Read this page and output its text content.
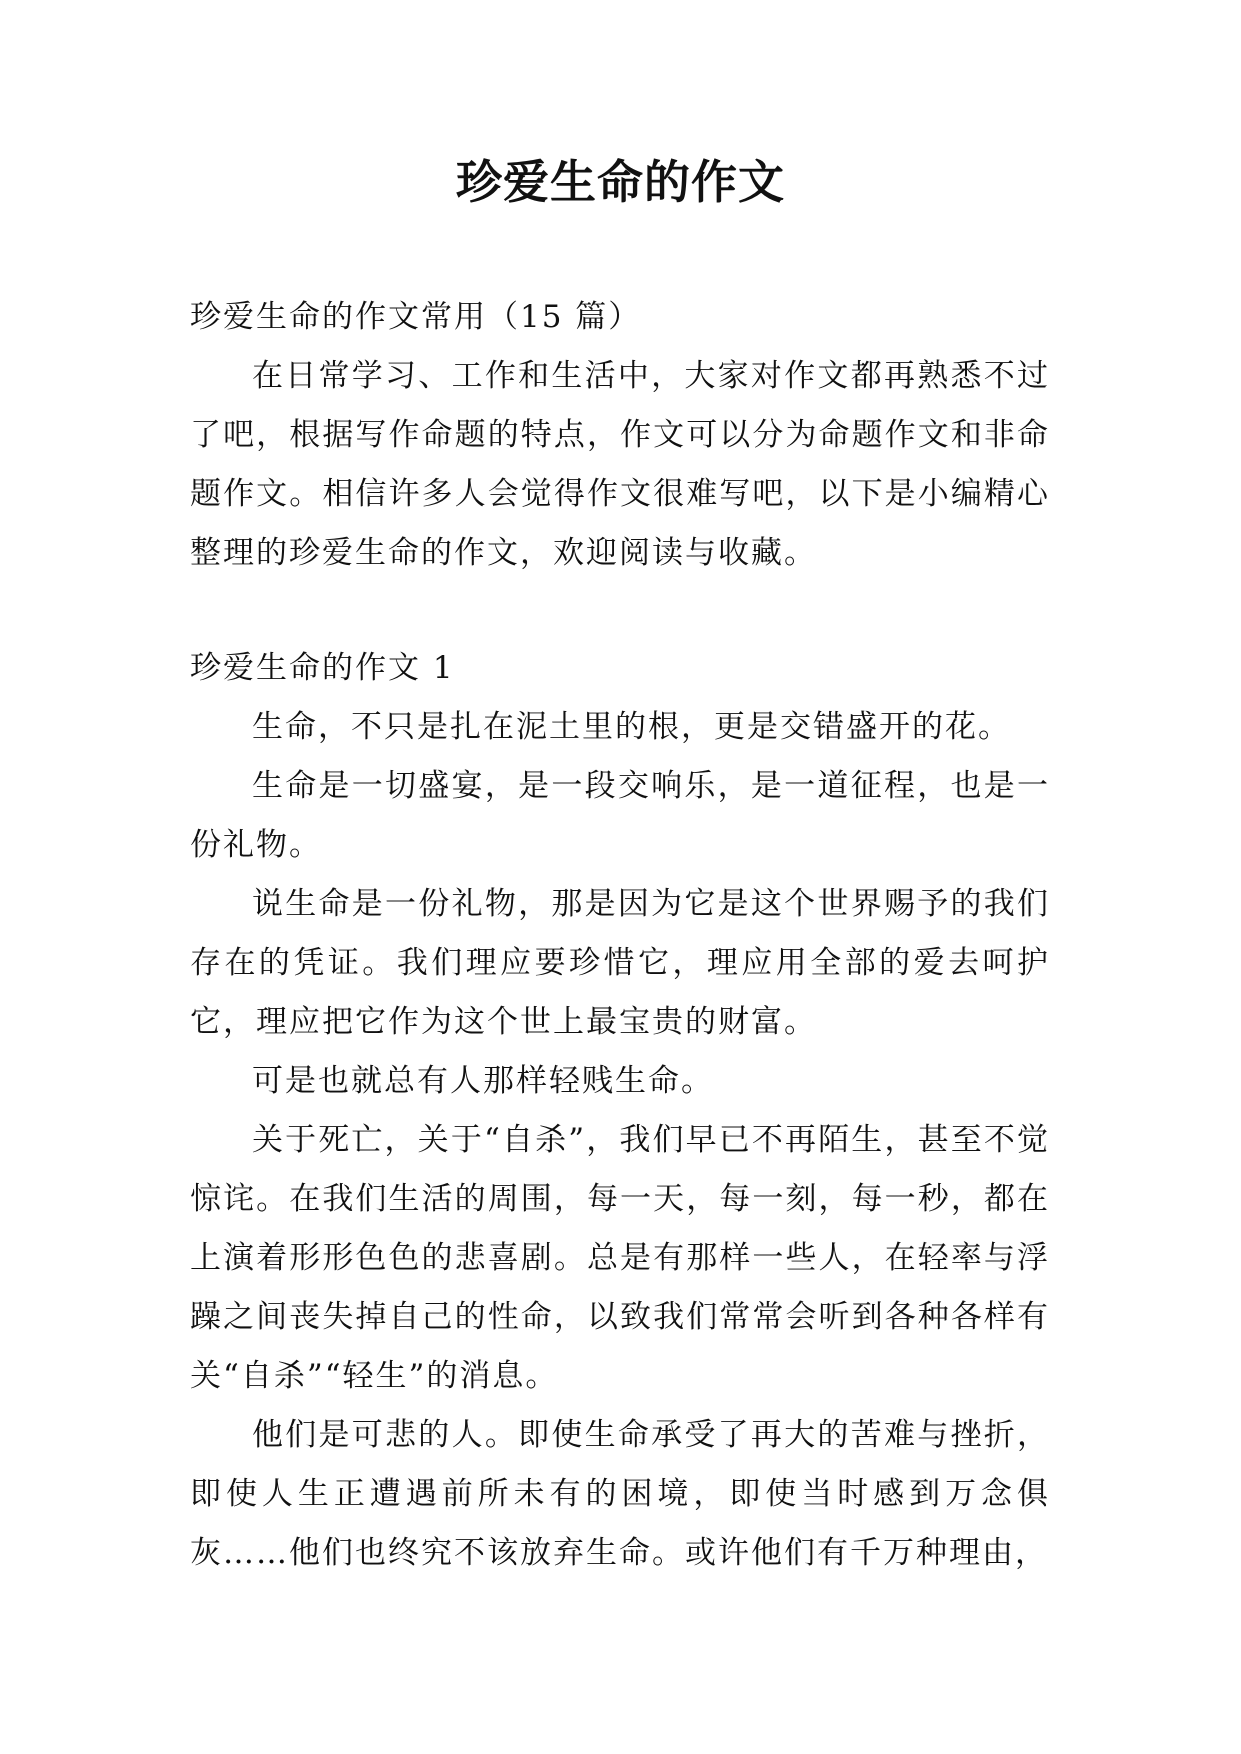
珍爱生命的作文

珍爱生命的作文常用（15 篇）

在日常学习、工作和生活中，大家对作文都再熟悉不过了吧，根据写作命题的特点，作文可以分为命题作文和非命题作文。相信许多人会觉得作文很难写吧，以下是小编精心整理的珍爱生命的作文，欢迎阅读与收藏。

珍爱生命的作文 1

生命，不只是扎在泥土里的根，更是交错盛开的花。

生命是一切盛宴，是一段交响乐，是一道征程，也是一份礼物。

说生命是一份礼物，那是因为它是这个世界赐予的我们存在的凭证。我们理应要珍惜它，理应用全部的爱去呵护它，理应把它作为这个世上最宝贵的财富。

可是也就总有人那样轻贱生命。

关于死亡，关于“自杀”，我们早已不再陌生，甚至不觉惊诧。在我们生活的周围，每一天，每一刻，每一秒，都在上演着形形色色的悲喜剧。总是有那样一些人，在轻率与浮躁之间丧失掉自己的性命，以致我们常常会听到各种各样有关“自杀”“轻生”的消息。

他们是可悲的人。即使生命承受了再大的苦难与挫折，即使人生正遭遇前所未有的困境，即使当时感到万念俱灰……他们也终究不该放弃生命。或许他们有千万种理由，
